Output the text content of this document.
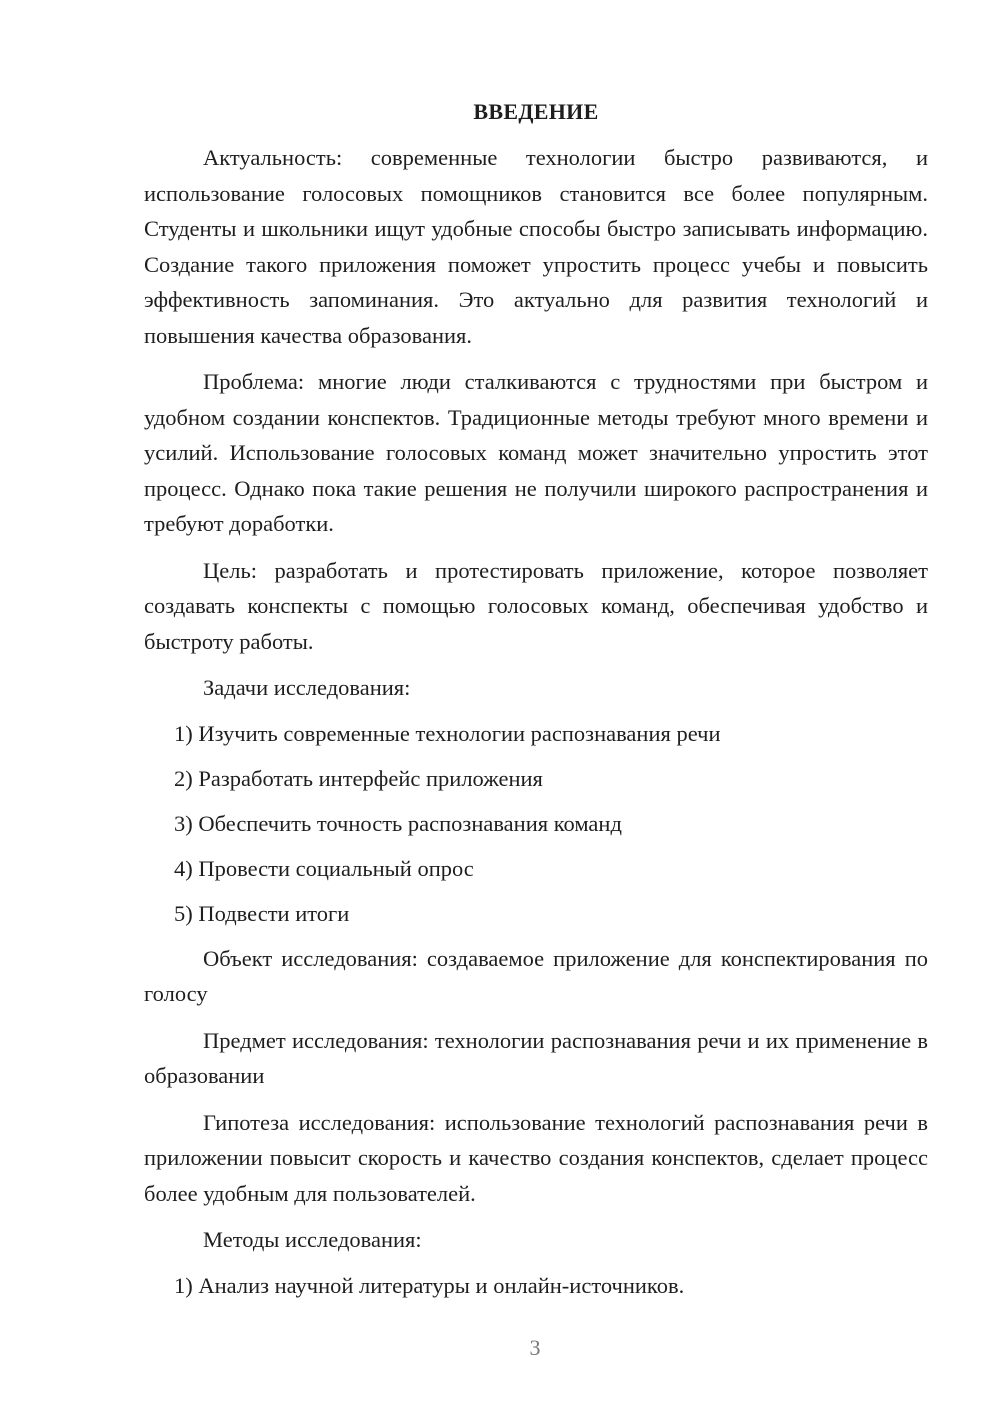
ВВЕДЕНИЕ

Актуальность: современные технологии быстро развиваются, и использование голосовых помощников становится все более популярным. Студенты и школьники ищут удобные способы быстро записывать информацию. Создание такого приложения поможет упростить процесс учебы и повысить эффективность запоминания. Это актуально для развития технологий и повышения качества образования.

Проблема: многие люди сталкиваются с трудностями при быстром и удобном создании конспектов. Традиционные методы требуют много времени и усилий. Использование голосовых команд может значительно упростить этот процесс. Однако пока такие решения не получили широкого распространения и требуют доработки.

Цель: разработать и протестировать приложение, которое позволяет создавать конспекты с помощью голосовых команд, обеспечивая удобство и быстроту работы.

Задачи исследования:

1) Изучить современные технологии распознавания речи

2) Разработать интерфейс приложения

3) Обеспечить точность распознавания команд

4) Провести социальный опрос

5) Подвести итоги

Объект исследования: создаваемое приложение для конспектирования по голосу

Предмет исследования: технологии распознавания речи и их применение в образовании

Гипотеза исследования: использование технологий распознавания речи в приложении повысит скорость и качество создания конспектов, сделает процесс более удобным для пользователей.

Методы исследования:

1) Анализ научной литературы и онлайн-источников.

3
